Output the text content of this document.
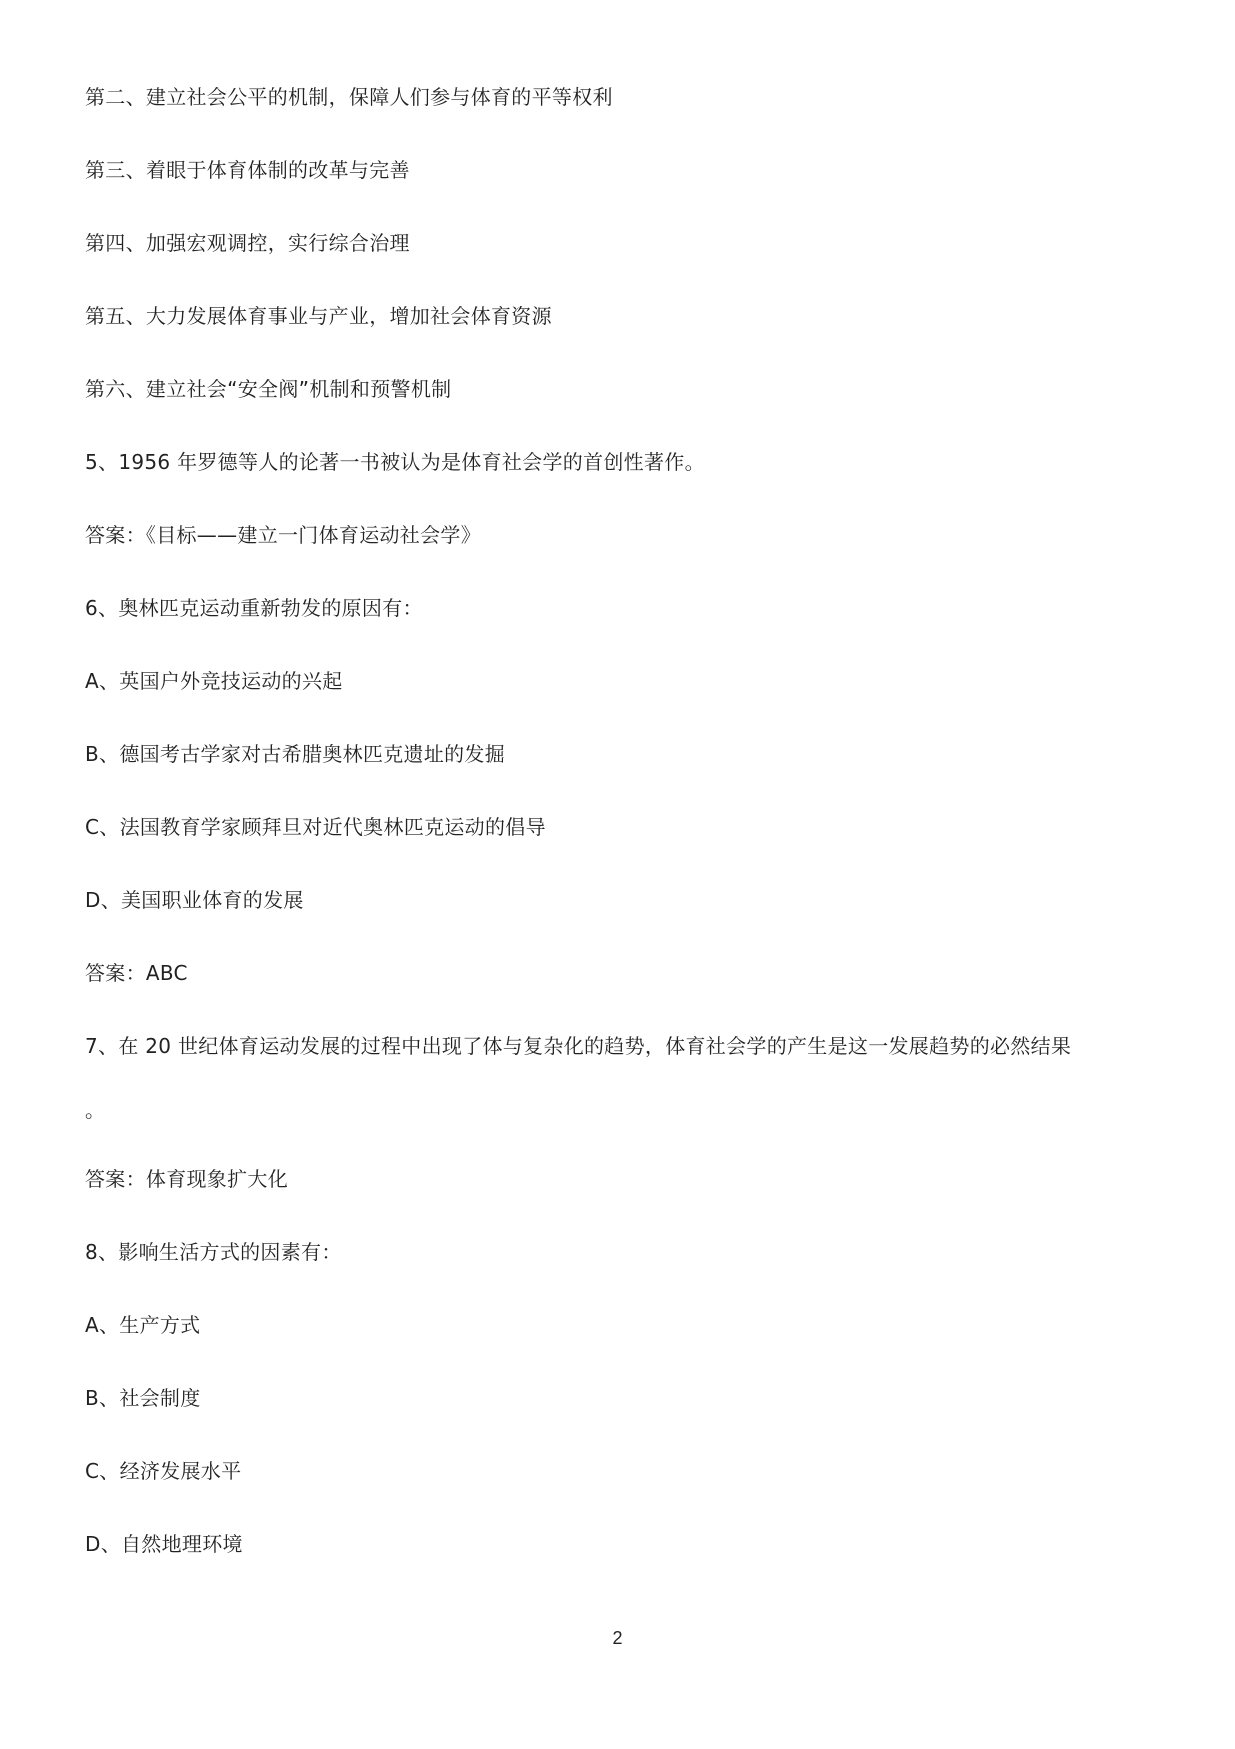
第二、建立社会公平的机制，保障人们参与体育的平等权利
第三、着眼于体育体制的改革与完善
第四、加强宏观调控，实行综合治理
第五、大力发展体育事业与产业，增加社会体育资源
第六、建立社会“安全阀”机制和预警机制
5、1956 年罗德等人的论著一书被认为是体育社会学的首创性著作。
答案：《目标——建立一门体育运动社会学》
6、奥林匹克运动重新勃发的原因有：
A、英国户外竞技运动的兴起
B、德国考古学家对古希腊奥林匹克遗址的发掘
C、法国教育学家顾拜旦对近代奥林匹克运动的倡导
D、美国职业体育的发展
答案：ABC
7、在 20 世纪体育运动发展的过程中出现了体与复杂化的趋势，体育社会学的产生是这一发展趋势的必然结果
。
答案：体育现象扩大化
8、影响生活方式的因素有：
A、生产方式
B、社会制度
C、经济发展水平
D、自然地理环境
2
